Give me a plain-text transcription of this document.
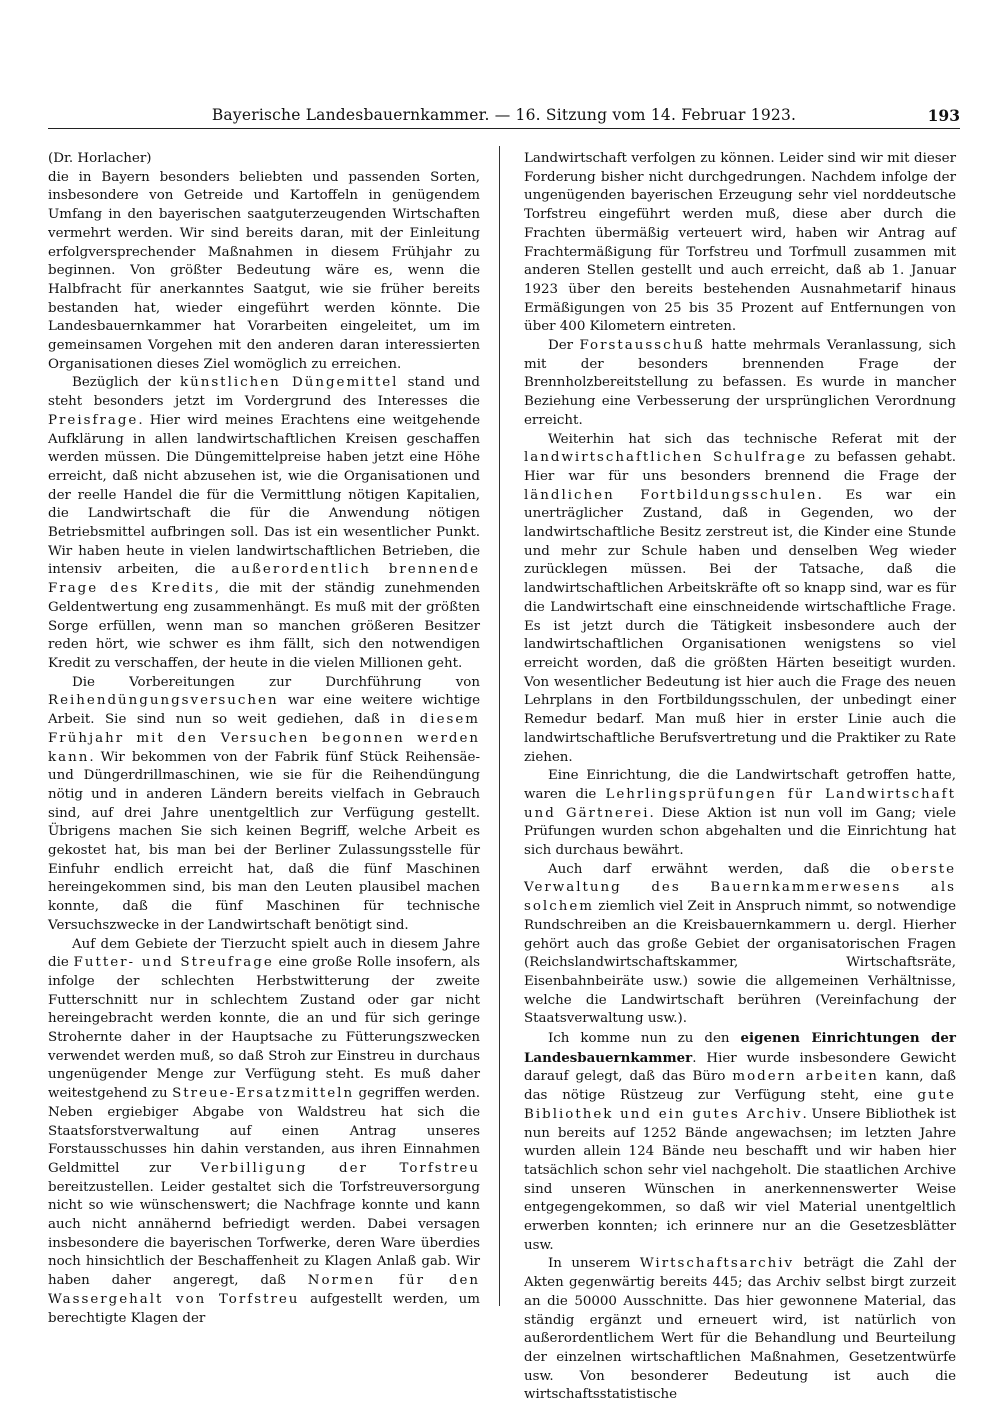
Bayerische Landesbauernkammer. — 16. Sitzung vom 14. Februar 1923.	193

(Dr. Horlacher)

die in Bayern besonders beliebten und passenden Sorten, insbesondere von Getreide und Kartoffeln in genügendem Umfang in den bayerischen saatguterzeugenden Wirtschaften vermehrt werden. Wir sind bereits daran, mit der Einleitung erfolgversprechender Maßnahmen in diesem Frühjahr zu beginnen. Von größter Bedeutung wäre es, wenn die Halbfracht für anerkanntes Saatgut, wie sie früher bereits bestanden hat, wieder eingeführt werden könnte. Die Landesbauernkammer hat Vorarbeiten eingeleitet, um im gemeinsamen Vorgehen mit den anderen daran interessierten Organisationen dieses Ziel womöglich zu erreichen.

Bezüglich der künstlichen Düngemittel stand und steht besonders jetzt im Vordergrund des Interesses die Preisfrage. Hier wird meines Erachtens eine weitgehende Aufklärung in allen landwirtschaftlichen Kreisen geschaffen werden müssen. Die Düngemittelpreise haben jetzt eine Höhe erreicht, daß nicht abzusehen ist, wie die Organisationen und der reelle Handel die für die Vermittlung nötigen Kapitalien, die Landwirtschaft die für die Anwendung nötigen Betriebsmittel aufbringen soll. Das ist ein wesentlicher Punkt. Wir haben heute in vielen landwirtschaftlichen Betrieben, die intensiv arbeiten, die außerordentlich brennende Frage des Kredits, die mit der ständig zunehmenden Geldentwertung eng zusammenhängt. Es muß mit der größten Sorge erfüllen, wenn man so manchen größeren Besitzer reden hört, wie schwer es ihm fällt, sich den notwendigen Kredit zu verschaffen, der heute in die vielen Millionen geht.

Die Vorbereitungen zur Durchführung von Reihendüngungsversuchen war eine weitere wichtige Arbeit. Sie sind nun so weit gediehen, daß in diesem Frühjahr mit den Versuchen begonnen werden kann. Wir bekommen von der Fabrik fünf Stück Reihensäe- und Düngerdrillmaschinen, wie sie für die Reihendüngung nötig und in anderen Ländern bereits vielfach in Gebrauch sind, auf drei Jahre unentgeltlich zur Verfügung gestellt. Übrigens machen Sie sich keinen Begriff, welche Arbeit es gekostet hat, bis man bei der Berliner Zulassungsstelle für Einfuhr endlich erreicht hat, daß die fünf Maschinen hereingekommen sind, bis man den Leuten plausibel machen konnte, daß die fünf Maschinen für technische Versuchszwecke in der Landwirtschaft benötigt sind.

Auf dem Gebiete der Tierzucht spielt auch in diesem Jahre die Futter- und Streufrage eine große Rolle insofern, als infolge der schlechten Herbstwitterung der zweite Futterschnitt nur in schlechtem Zustand oder gar nicht hereingebracht werden konnte, die an und für sich geringe Strohernte daher in der Hauptsache zu Fütterungszwecken verwendet werden muß, so daß Stroh zur Einstreu in durchaus ungenügender Menge zur Verfügung steht. Es muß daher weitestgehend zu Streue-Ersatzmitteln gegriffen werden. Neben ergiebiger Abgabe von Waldstreu hat sich die Staatsforstverwaltung auf einen Antrag unseres Forstausschusses hin dahin verstanden, aus ihren Einnahmen Geldmittel zur Verbilligung der Torfstreu bereitzustellen. Leider gestaltet sich die Torfstreuversorgung nicht so wie wünschenswert; die Nachfrage konnte und kann auch nicht annähernd befriedigt werden. Dabei versagen insbesondere die bayerischen Torfwerke, deren Ware überdies noch hinsichtlich der Beschaffenheit zu Klagen Anlaß gab. Wir haben daher angeregt, daß Normen für den Wassergehalt von Torfstreu aufgestellt werden, um berechtigte Klagen der

Landwirtschaft verfolgen zu können. Leider sind wir mit dieser Forderung bisher nicht durchgedrungen. Nachdem infolge der ungenügenden bayerischen Erzeugung sehr viel norddeutsche Torfstreu eingeführt werden muß, diese aber durch die Frachten übermäßig verteuert wird, haben wir Antrag auf Frachtermäßigung für Torfstreu und Torfmull zusammen mit anderen Stellen gestellt und auch erreicht, daß ab 1. Januar 1923 über den bereits bestehenden Ausnahmetarif hinaus Ermäßigungen von 25 bis 35 Prozent auf Entfernungen von über 400 Kilometern eintreten.

Der Forstausschuß hatte mehrmals Veranlassung, sich mit der besonders brennenden Frage der Brennholzbereitstellung zu befassen. Es wurde in mancher Beziehung eine Verbesserung der ursprünglichen Verordnung erreicht.

Weiterhin hat sich das technische Referat mit der landwirtschaftlichen Schulfrage zu befassen gehabt. Hier war für uns besonders brennend die Frage der ländlichen Fortbildungsschulen. Es war ein unerträglicher Zustand, daß in Gegenden, wo der landwirtschaftliche Besitz zerstreut ist, die Kinder eine Stunde und mehr zur Schule haben und denselben Weg wieder zurücklegen müssen. Bei der Tatsache, daß die landwirtschaftlichen Arbeitskräfte oft so knapp sind, war es für die Landwirtschaft eine einschneidende wirtschaftliche Frage. Es ist jetzt durch die Tätigkeit insbesondere auch der landwirtschaftlichen Organisationen wenigstens so viel erreicht worden, daß die größten Härten beseitigt wurden. Von wesentlicher Bedeutung ist hier auch die Frage des neuen Lehrplans in den Fortbildungsschulen, der unbedingt einer Remedur bedarf. Man muß hier in erster Linie auch die landwirtschaftliche Berufsvertretung und die Praktiker zu Rate ziehen.

Eine Einrichtung, die die Landwirtschaft getroffen hatte, waren die Lehrlingsprüfungen für Landwirtschaft und Gärtnerei. Diese Aktion ist nun voll im Gang; viele Prüfungen wurden schon abgehalten und die Einrichtung hat sich durchaus bewährt.

Auch darf erwähnt werden, daß die oberste Verwaltung des Bauernkammerwesens als solchem ziemlich viel Zeit in Anspruch nimmt, so notwendige Rundschreiben an die Kreisbauernkammern u. dergl. Hierher gehört auch das große Gebiet der organisatorischen Fragen (Reichslandwirtschaftskammer, Wirtschaftsräte, Eisenbahnbeiräte usw.) sowie die allgemeinen Verhältnisse, welche die Landwirtschaft berühren (Vereinfachung der Staatsverwaltung usw.).

Ich komme nun zu den eigenen Einrichtungen der Landesbauernkammer. Hier wurde insbesondere Gewicht darauf gelegt, daß das Büro modern arbeiten kann, daß das nötige Rüstzeug zur Verfügung steht, eine gute Bibliothek und ein gutes Archiv. Unsere Bibliothek ist nun bereits auf 1252 Bände angewachsen; im letzten Jahre wurden allein 124 Bände neu beschafft und wir haben hier tatsächlich schon sehr viel nachgeholt. Die staatlichen Archive sind unseren Wünschen in anerkennenswerter Weise entgegengekommen, so daß wir viel Material unentgeltlich erwerben konnten; ich erinnere nur an die Gesetzesblätter usw.

In unserem Wirtschaftsarchiv beträgt die Zahl der Akten gegenwärtig bereits 445; das Archiv selbst birgt zurzeit an die 50000 Ausschnitte. Das hier gewonnene Material, das ständig ergänzt und erneuert wird, ist natürlich von außerordentlichem Wert für die Behandlung und Beurteilung der einzelnen wirtschaftlichen Maßnahmen, Gesetzentwürfe usw. Von besonderer Bedeutung ist auch die wirtschaftsstatistische
